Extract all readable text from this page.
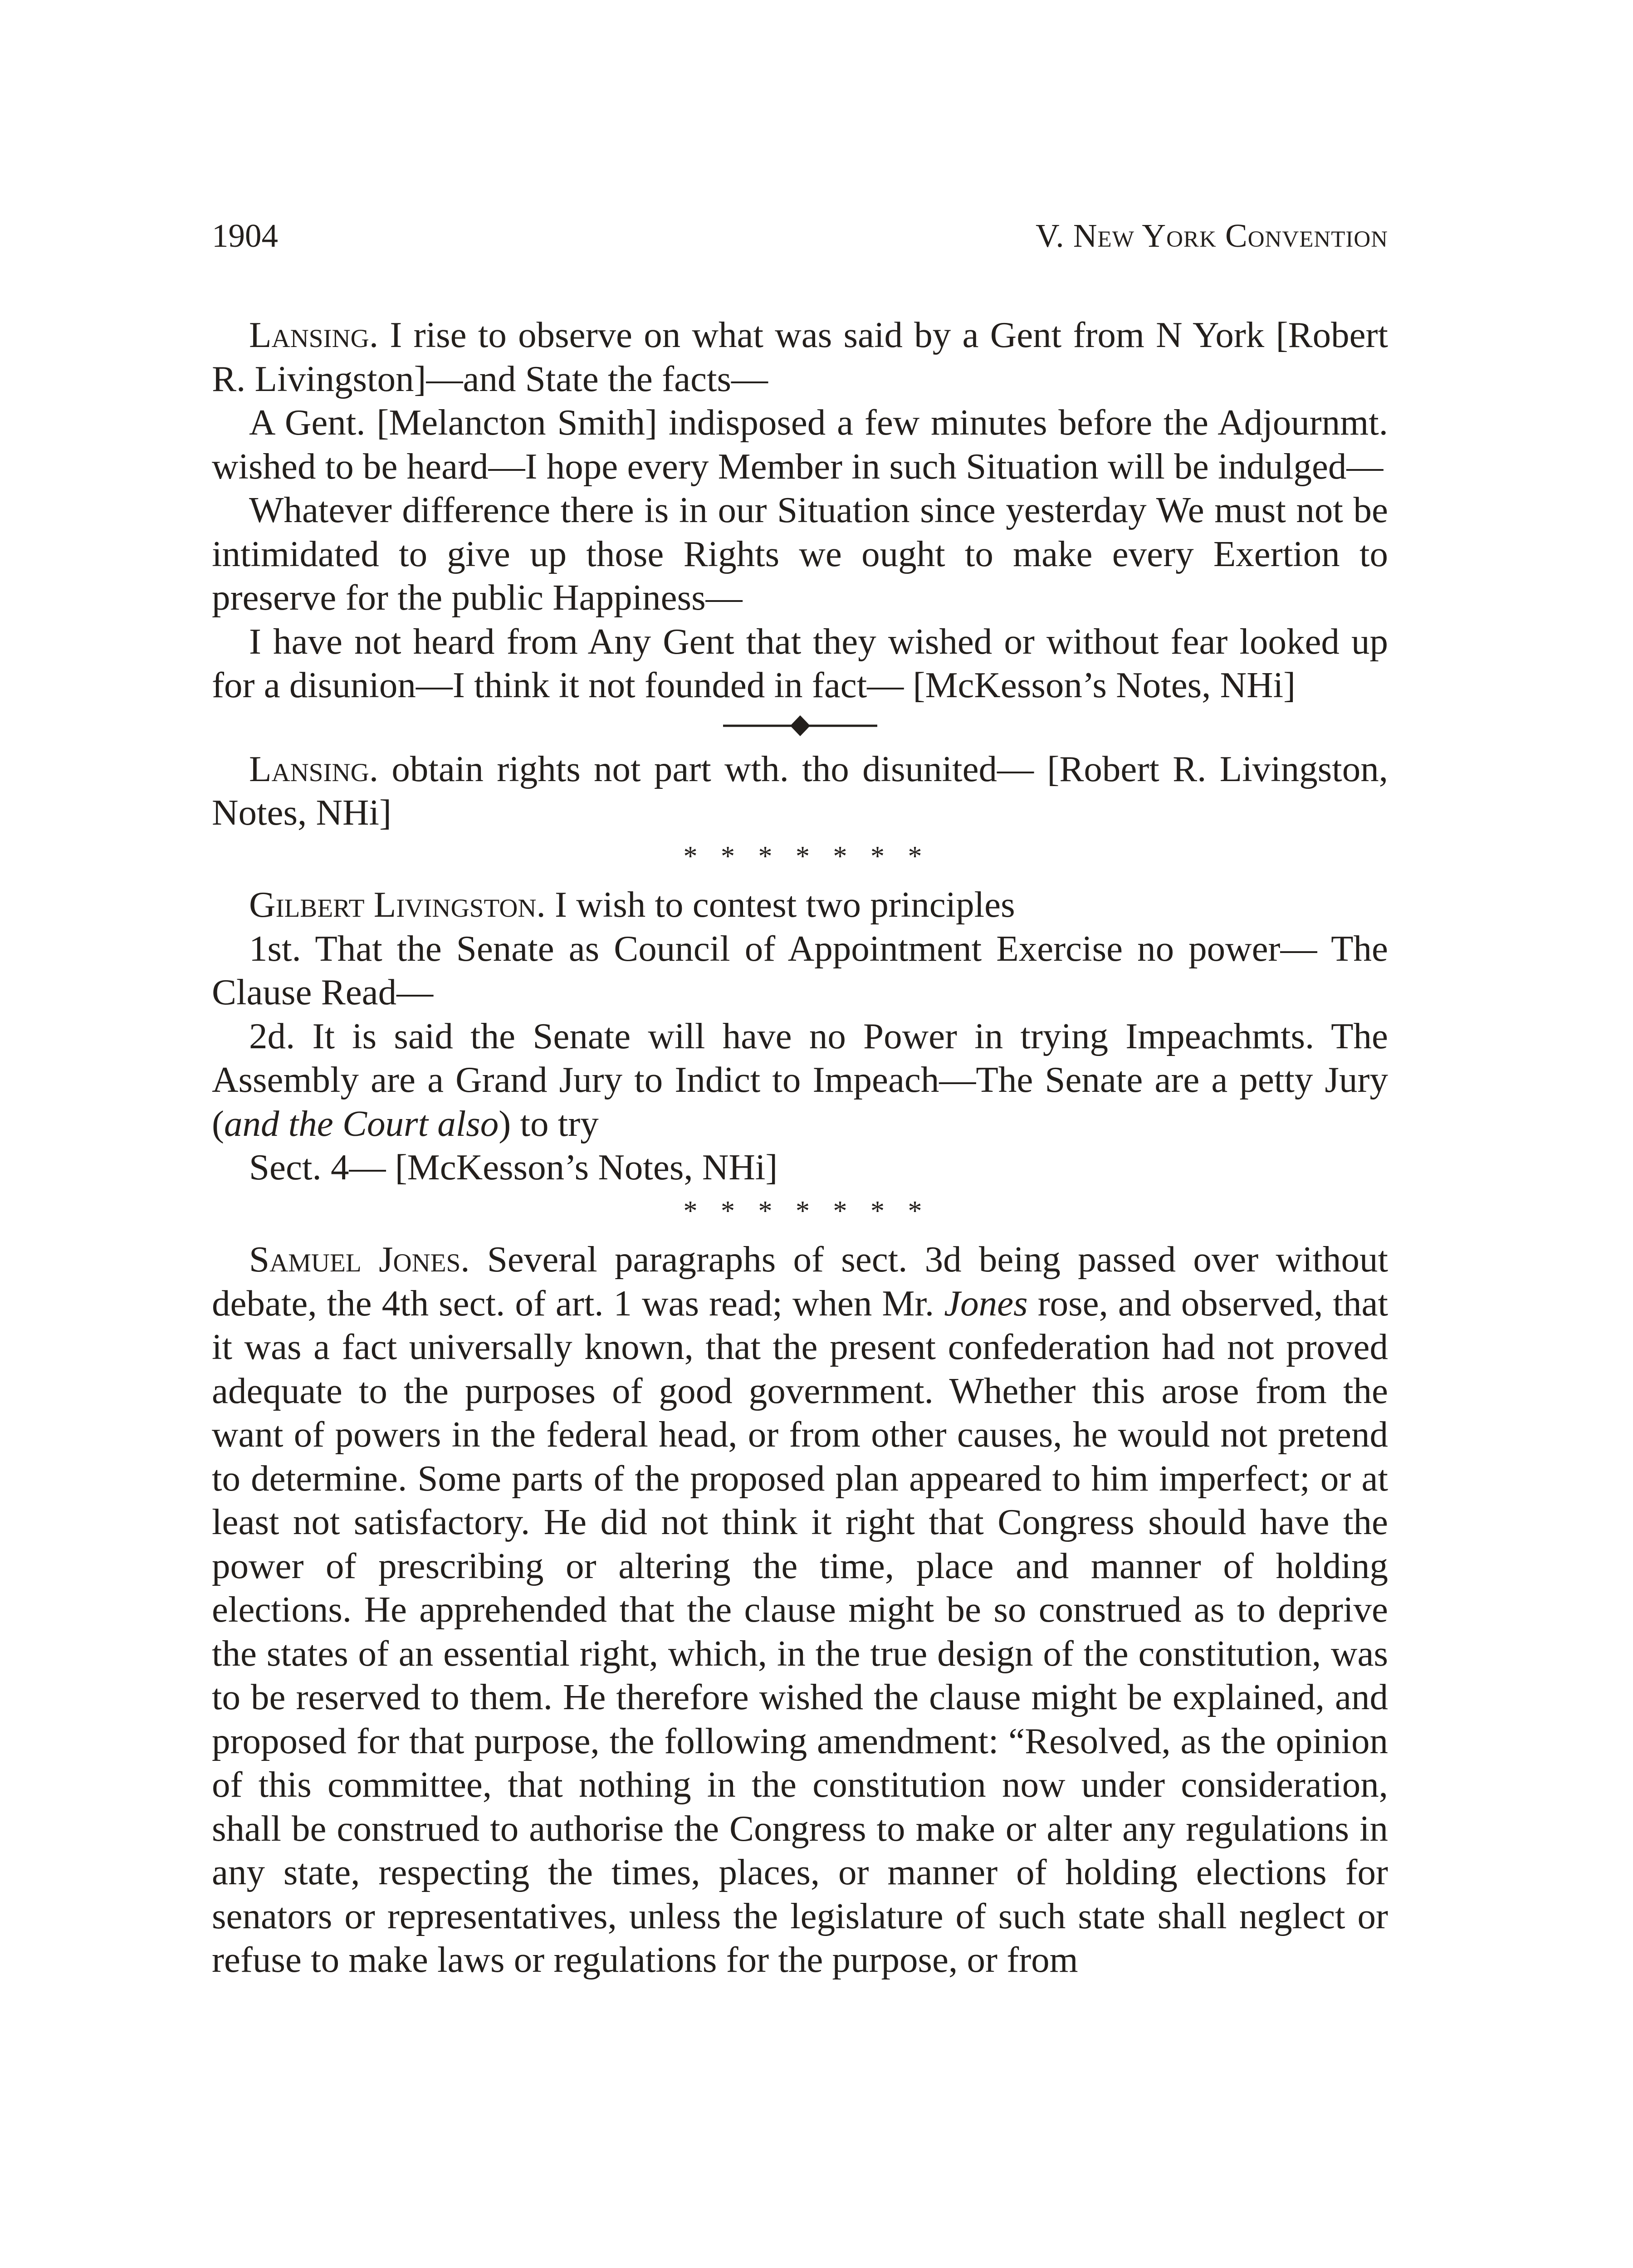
1904	V. New York Convention

Lansing. I rise to observe on what was said by a Gent from N York [Robert R. Livingston]—and State the facts—

A Gent. [Melancton Smith] indisposed a few minutes before the Adjournmt. wished to be heard—I hope every Member in such Situation will be indulged—

Whatever difference there is in our Situation since yesterday We must not be intimidated to give up those Rights we ought to make every Exertion to preserve for the public Happiness—

I have not heard from Any Gent that they wished or without fear looked up for a disunion—I think it not founded in fact— [McKesson’s Notes, NHi]

Lansing. obtain rights not part wth. tho disunited— [Robert R. Livingston, Notes, NHi]

* * * * * * *

Gilbert Livingston. I wish to contest two principles

1st. That the Senate as Council of Appointment Exercise no power— The Clause Read—

2d. It is said the Senate will have no Power in trying Impeachmts. The Assembly are a Grand Jury to Indict to Impeach—The Senate are a petty Jury (and the Court also) to try

Sect. 4— [McKesson’s Notes, NHi]

* * * * * * *

Samuel Jones. Several paragraphs of sect. 3d being passed over without debate, the 4th sect. of art. 1 was read; when Mr. Jones rose, and observed, that it was a fact universally known, that the present confederation had not proved adequate to the purposes of good government. Whether this arose from the want of powers in the federal head, or from other causes, he would not pretend to determine. Some parts of the proposed plan appeared to him imperfect; or at least not satisfactory. He did not think it right that Congress should have the power of prescribing or altering the time, place and manner of holding elections. He apprehended that the clause might be so construed as to deprive the states of an essential right, which, in the true design of the constitution, was to be reserved to them. He therefore wished the clause might be explained, and proposed for that purpose, the following amendment: “Resolved, as the opinion of this committee, that nothing in the constitution now under consideration, shall be construed to authorise the Congress to make or alter any regulations in any state, respecting the times, places, or manner of holding elections for senators or representatives, unless the legislature of such state shall neglect or refuse to make laws or regulations for the purpose, or from
